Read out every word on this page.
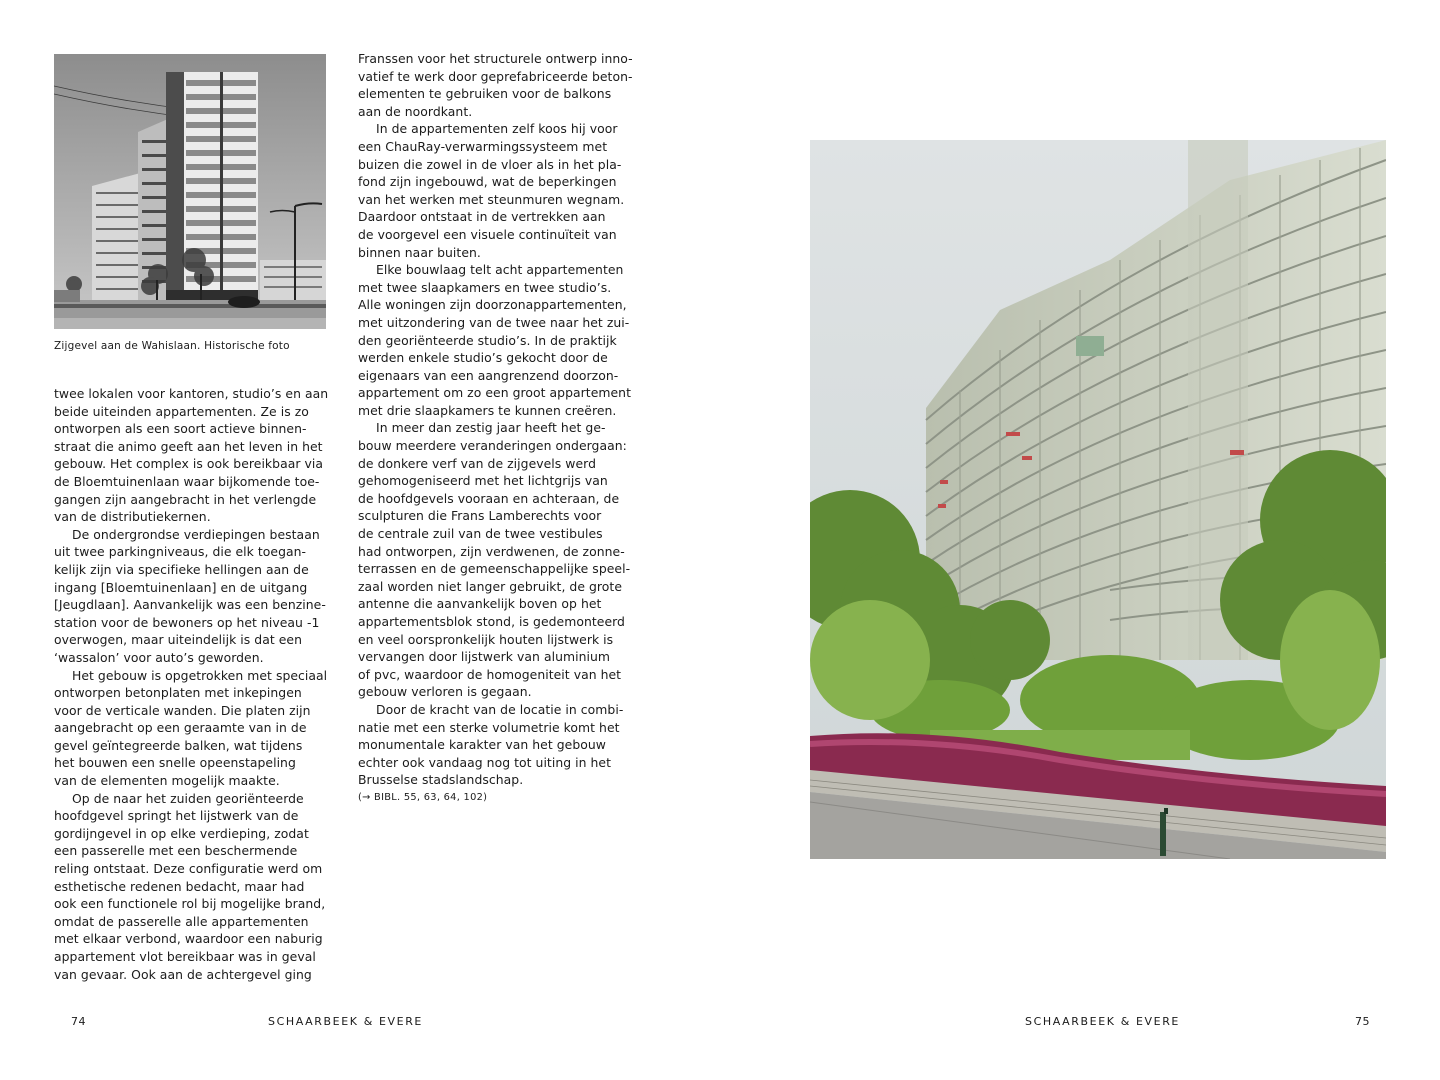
Zijgevel aan de Wahislaan. Historische foto
twee lokalen voor kantoren, studio’s en aan
beide uiteinden appartementen. Ze is zo
ontworpen als een soort actieve binnen-
straat die animo geeft aan het leven in het
gebouw. Het complex is ook bereikbaar via
de Bloemtuinenlaan waar bijkomende toe-
gangen zijn aangebracht in het verlengde
van de distributiekernen.
De ondergrondse verdiepingen bestaan
uit twee parkingniveaus, die elk toegan-
kelijk zijn via specifieke hellingen aan de
ingang [Bloemtuinenlaan] en de uitgang
[Jeugdlaan]. Aanvankelijk was een benzine-
station voor de bewoners op het niveau -1
overwogen, maar uiteindelijk is dat een
‘wassalon’ voor auto’s geworden.
Het gebouw is opgetrokken met speciaal
ontworpen betonplaten met inkepingen
voor de verticale wanden. Die platen zijn
aangebracht op een geraamte van in de
gevel geïntegreerde balken, wat tijdens
het bouwen een snelle opeenstapeling
van de elementen mogelijk maakte.
Op de naar het zuiden georiënteerde
hoofdgevel springt het lijstwerk van de
gordijngevel in op elke verdieping, zodat
een passerelle met een beschermende
reling ontstaat. Deze configuratie werd om
esthetische redenen bedacht, maar had
ook een functionele rol bij mogelijke brand,
omdat de passerelle alle appartementen
met elkaar verbond, waardoor een naburig
appartement vlot bereikbaar was in geval
van gevaar. Ook aan de achtergevel ging
Franssen voor het structurele ontwerp inno-
vatief te werk door geprefabriceerde beton-
elementen te gebruiken voor de balkons
aan de noordkant.
In de appartementen zelf koos hij voor
een ChauRay-verwarmingssysteem met
buizen die zowel in de vloer als in het pla-
fond zijn ingebouwd, wat de beperkingen
van het werken met steunmuren wegnam.
Daardoor ontstaat in de vertrekken aan
de voorgevel een visuele continuïteit van
binnen naar buiten.
Elke bouwlaag telt acht appartementen
met twee slaapkamers en twee studio’s.
Alle woningen zijn doorzonappartementen,
met uitzondering van de twee naar het zui-
den georiënteerde studio’s. In de praktijk
werden enkele studio’s gekocht door de
eigenaars van een aangrenzend doorzon-
appartement om zo een groot appartement
met drie slaapkamers te kunnen creëren.
In meer dan zestig jaar heeft het ge-
bouw meerdere veranderingen ondergaan:
de donkere verf van de zijgevels werd
gehomogeniseerd met het lichtgrijs van
de hoofdgevels vooraan en achteraan, de
sculpturen die Frans Lamberechts voor
de centrale zuil van de twee vestibules
had ontworpen, zijn verdwenen, de zonne-
terrassen en de gemeenschappelijke speel-
zaal worden niet langer gebruikt, de grote
antenne die aanvankelijk boven op het
appartementsblok stond, is gedemonteerd
en veel oorspronkelijk houten lijstwerk is
vervangen door lijstwerk van aluminium
of pvc, waardoor de homogeniteit van het
gebouw verloren is gegaan.
Door de kracht van de locatie in combi-
natie met een sterke volumetrie komt het
monumentale karakter van het gebouw
echter ook vandaag nog tot uiting in het
Brusselse stadslandschap.

(→ BIBL. 55, 63, 64, 102)

74	SCHAARBEEK & EVERE	SCHAARBEEK & EVERE	75
